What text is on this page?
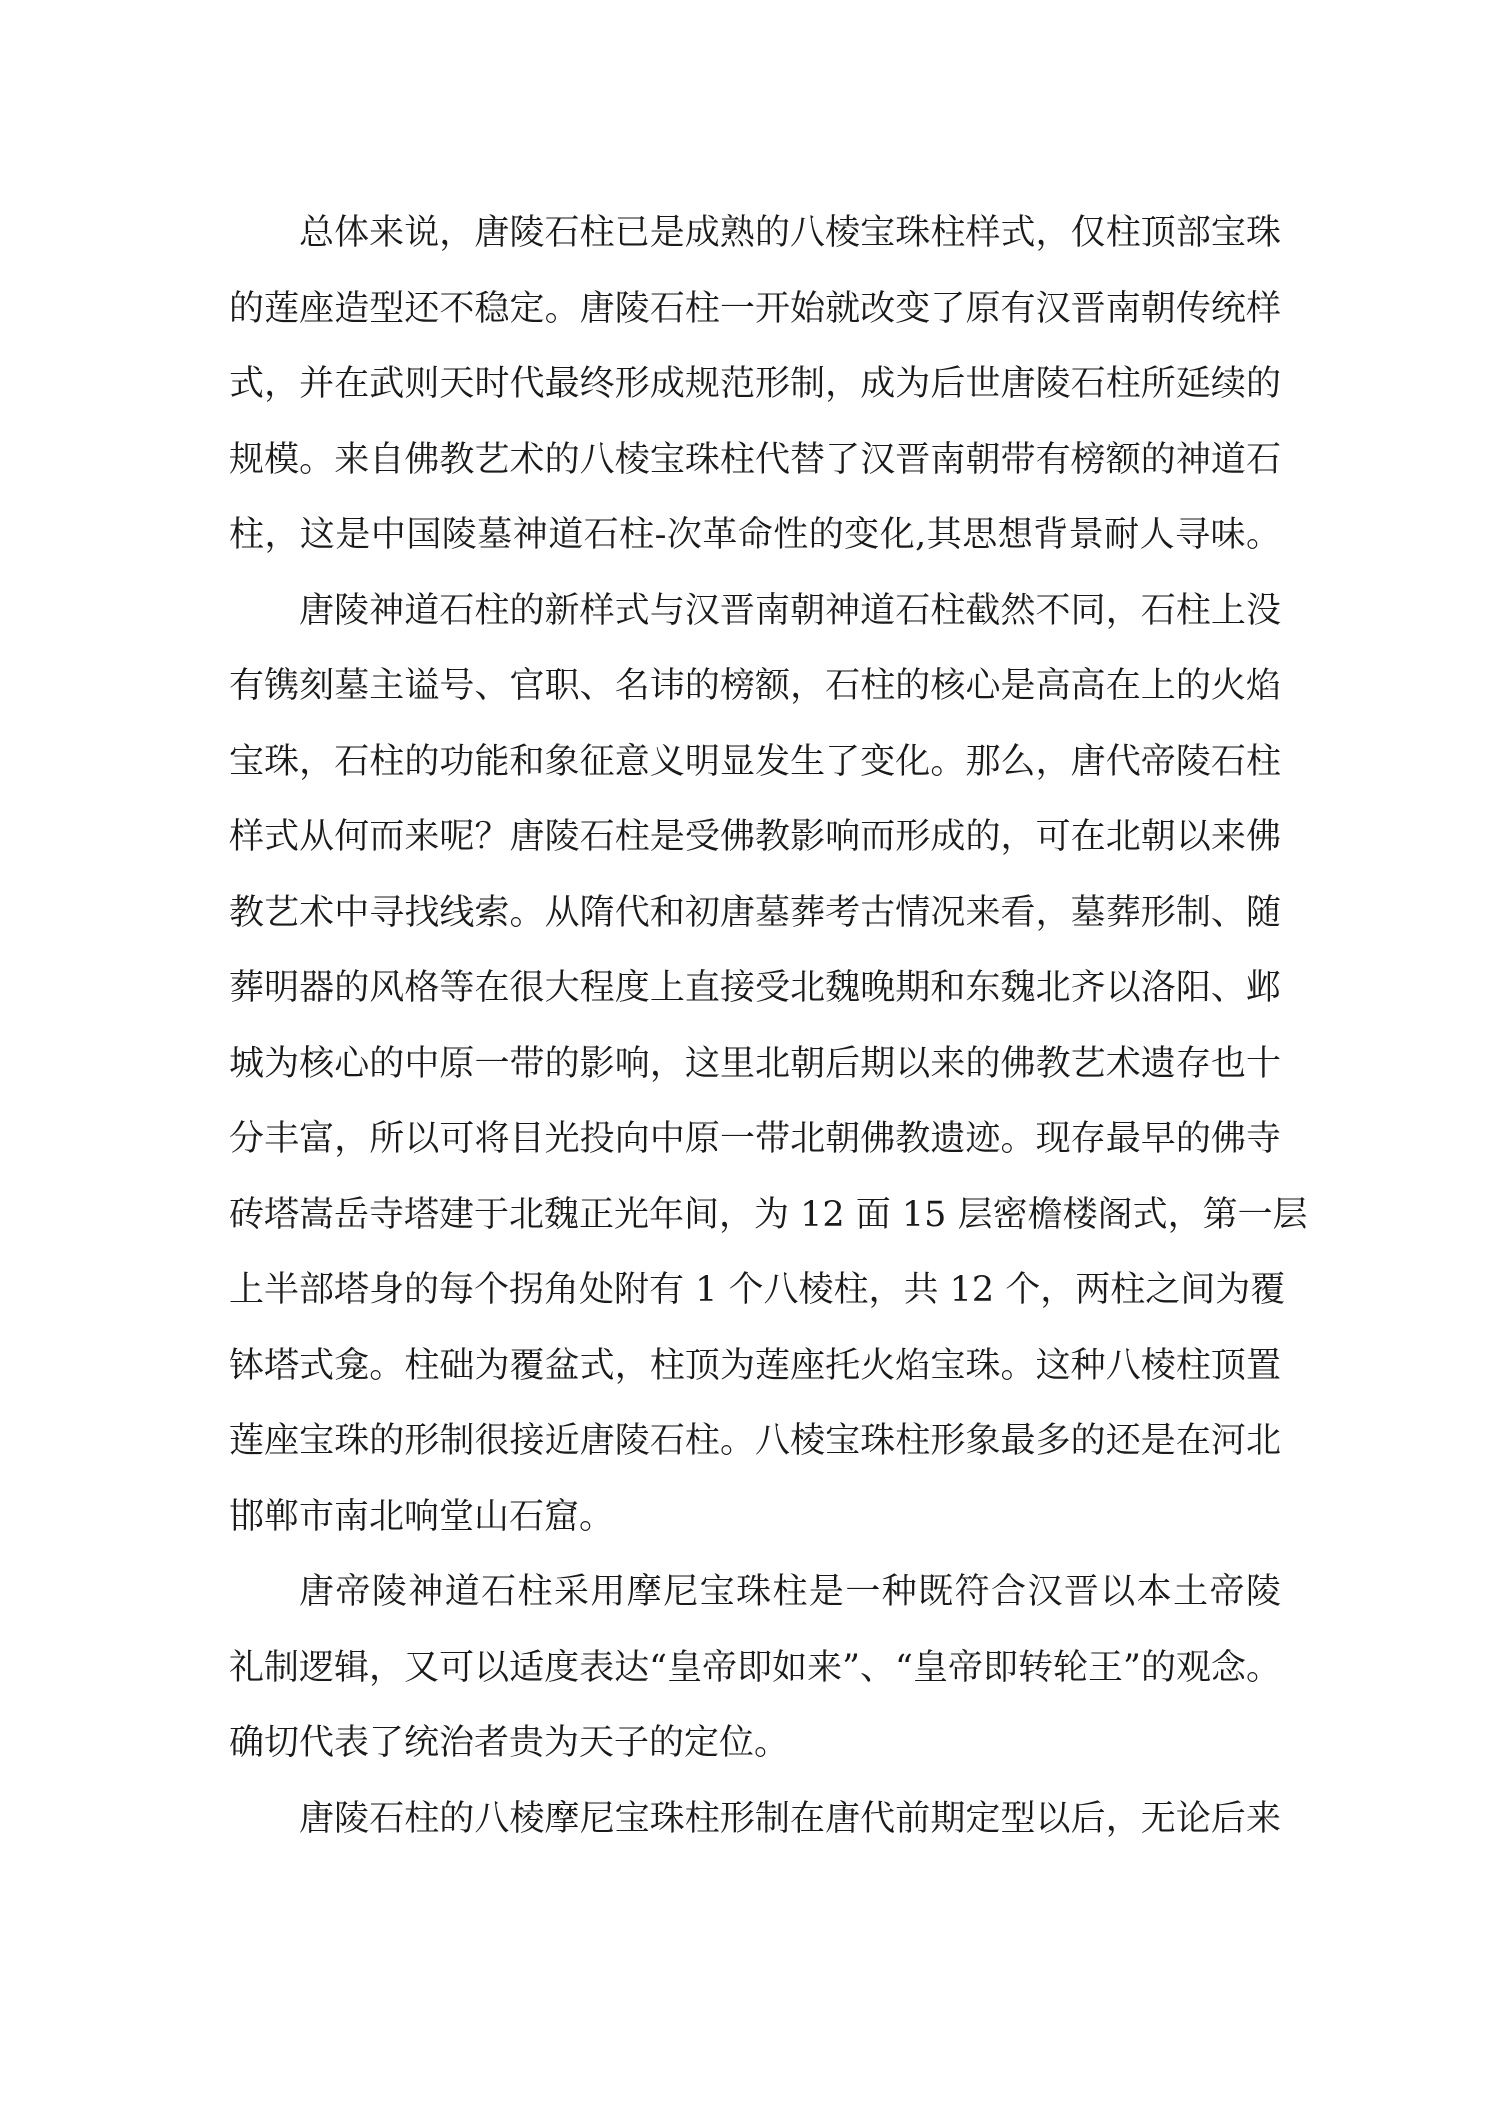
总体来说，唐陵石柱已是成熟的八棱宝珠柱样式，仅柱顶部宝珠
的莲座造型还不稳定。唐陵石柱一开始就改变了原有汉晋南朝传统样
式，并在武则天时代最终形成规范形制，成为后世唐陵石柱所延续的
规模。来自佛教艺术的八棱宝珠柱代替了汉晋南朝带有榜额的神道石
柱，这是中国陵墓神道石柱-次革命性的变化,其思想背景耐人寻味。
唐陵神道石柱的新样式与汉晋南朝神道石柱截然不同，石柱上没
有镌刻墓主谥号、官职、名讳的榜额，石柱的核心是高高在上的火焰
宝珠，石柱的功能和象征意义明显发生了变化。那么，唐代帝陵石柱
样式从何而来呢？唐陵石柱是受佛教影响而形成的，可在北朝以来佛
教艺术中寻找线索。从隋代和初唐墓葬考古情况来看，墓葬形制、随
葬明器的风格等在很大程度上直接受北魏晚期和东魏北齐以洛阳、邺
城为核心的中原一带的影响，这里北朝后期以来的佛教艺术遗存也十
分丰富，所以可将目光投向中原一带北朝佛教遗迹。现存最早的佛寺
砖塔嵩岳寺塔建于北魏正光年间，为 12 面 15 层密檐楼阁式，第一层
上半部塔身的每个拐角处附有 1 个八棱柱，共 12 个，两柱之间为覆
钵塔式龛。柱础为覆盆式，柱顶为莲座托火焰宝珠。这种八棱柱顶置
莲座宝珠的形制很接近唐陵石柱。八棱宝珠柱形象最多的还是在河北
邯郸市南北响堂山石窟。
唐帝陵神道石柱采用摩尼宝珠柱是一种既符合汉晋以本土帝陵
礼制逻辑，又可以适度表达“皇帝即如来”、“皇帝即转轮王”的观念。
确切代表了统治者贵为天子的定位。
唐陵石柱的八棱摩尼宝珠柱形制在唐代前期定型以后，无论后来
